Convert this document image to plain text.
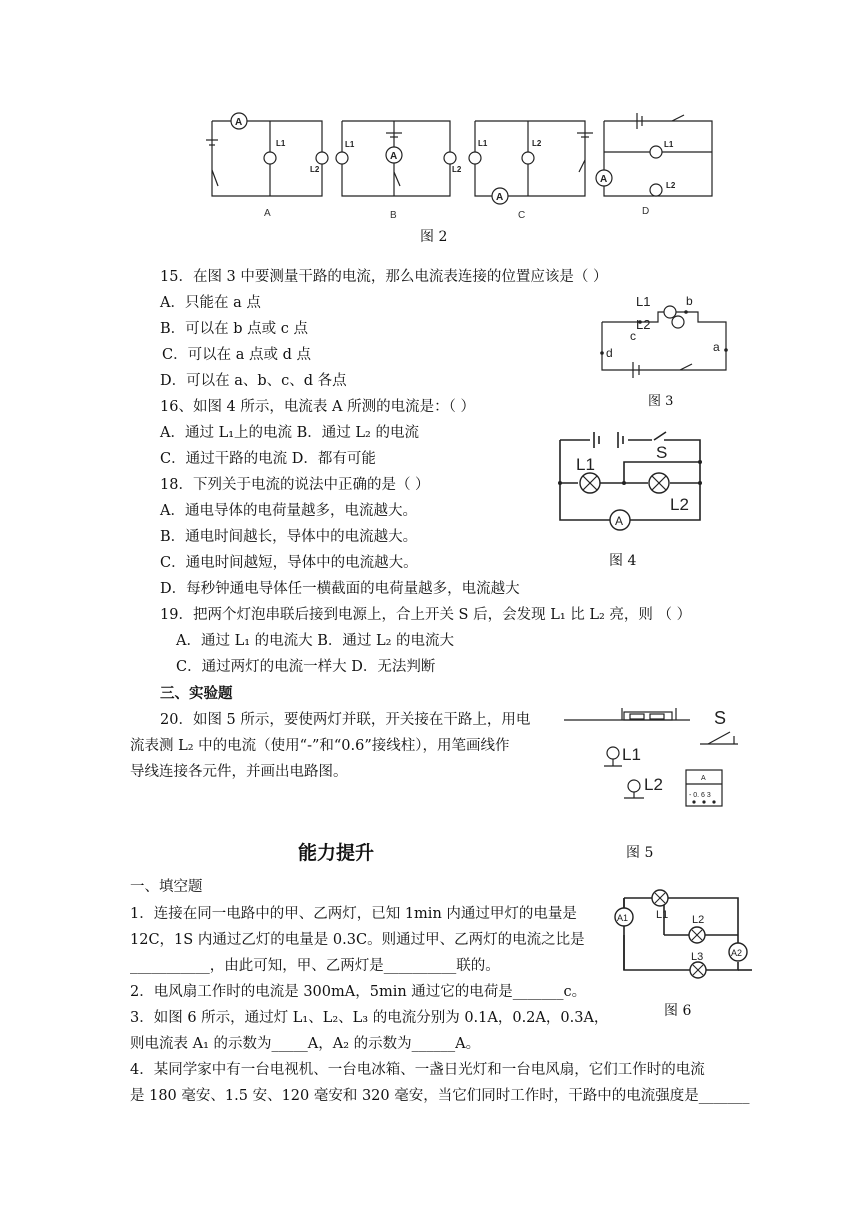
A
A
A
A
L1
L2
L1
L2
L1	L2	L1
L2
A	B	C	D
图 2
15．在图 3 中要测量干路的电流，那么电流表连接的位置应该是（ ）
A．只能在 a 点
B．可以在 b 点或 c 点
C．可以在 a 点或 d 点
D．可以在 a、b、c、d 各点
L1
L2
b
c
d	a
图 3
16、如图 4 所示，电流表 A 所测的电流是：（ ）
A．通过 L₁上的电流 B．通过 L₂ 的电流
C．通过干路的电流 D．都有可能	L1
L2
S
A
图 4
18．下列关于电流的说法中正确的是（ ）
A．通电导体的电荷量越多，电流越大。
B．通电时间越长，导体中的电流越大。
C．通电时间越短，导体中的电流越大。
D．每秒钟通电导体任一横截面的电荷量越多，电流越大
19．把两个灯泡串联后接到电源上，合上开关 S 后，会发现 L₁ 比 L₂ 亮，则 （ ）
A．通过 L₁ 的电流大 B．通过 L₂ 的电流大
C．通过两灯的电流一样大 D．无法判断
三、实验题
20．如图 5 所示，要使两灯并联，开关接在干路上，用电
流表测 L₂ 中的电流（使用“-”和“0.6”接线柱），用笔画线作
导线连接各元件，并画出电路图。
S
L1
L2	A
- 0. 6 3
图 5
能力提升
一、填空题
1．连接在同一电路中的甲、乙两灯，已知 1min 内通过甲灯的电量是
12C，1S 内通过乙灯的电量是 0.3C。则通过甲、乙两灯的电流之比是
___________，由此可知，甲、乙两灯是__________联的。
2．电风扇工作时的电流是 300mA，5min 通过它的电荷是_______c。
3．如图 6 所示，通过灯 L₁、L₂、L₃ 的电流分别为 0.1A，0.2A，0.3A，
则电流表 A₁ 的示数为_____A，A₂ 的示数为______A。
4．某同学家中有一台电视机、一台电冰箱、一盏日光灯和一台电风扇，它们工作时的电流
是 180 毫安、1.5 安、120 毫安和 320 毫安，当它们同时工作时，干路中的电流强度是_______
L1 L2
L3
A1
A2
图 6
